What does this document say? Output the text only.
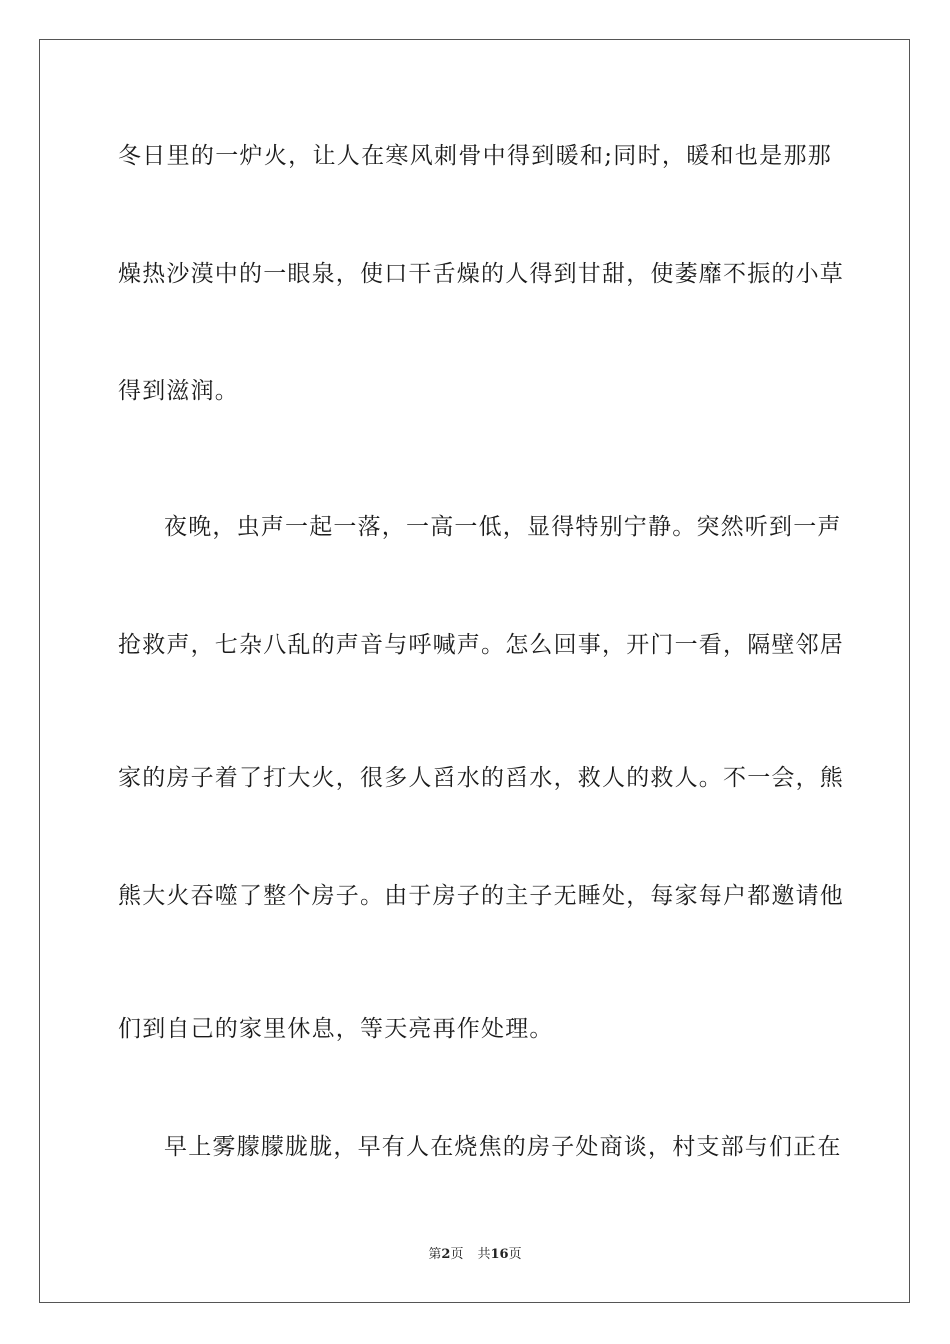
冬日里的一炉火，让人在寒风刺骨中得到暖和;同时，暖和也是那那
燥热沙漠中的一眼泉，使口干舌燥的人得到甘甜，使萎靡不振的小草
得到滋润。
夜晚，虫声一起一落，一高一低，显得特别宁静。突然听到一声
抢救声，七杂八乱的声音与呼喊声。怎么回事，开门一看，隔壁邻居
家的房子着了打大火，很多人舀水的舀水，救人的救人。不一会，熊
熊大火吞噬了整个房子。由于房子的主子无睡处，每家每户都邀请他
们到自己的家里休息，等天亮再作处理。
早上雾朦朦胧胧，早有人在烧焦的房子处商谈，村支部与们正在
第2页 共16页
